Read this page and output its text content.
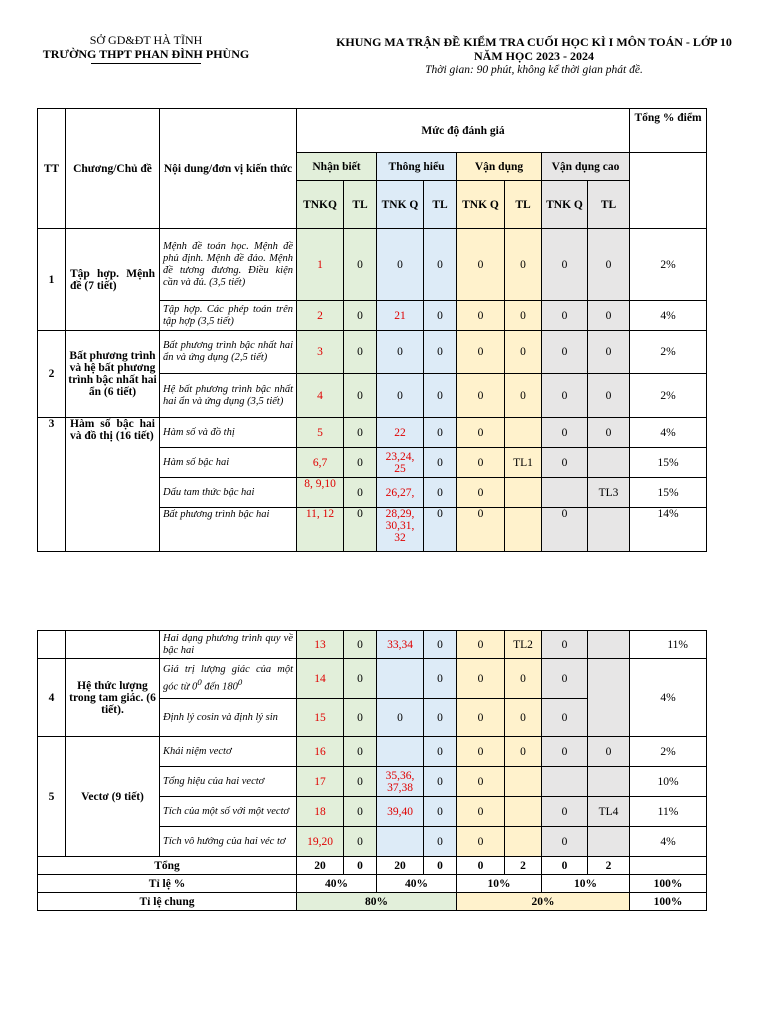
SỞ GD&ĐT HÀ TĨNH
TRƯỜNG THPT PHAN ĐÌNH PHÙNG
KHUNG MA TRẬN ĐỀ KIỂM TRA CUỐI HỌC KÌ I MÔN TOÁN - LỚP 10
NĂM HỌC 2023 - 2024
Thời gian: 90 phút, không kể thời gian phát đề.
TT	Chương/Chủ đề	Nội dung/đơn vị kiến thức	Mức độ đánh giá								Tổng % điểm
			Nhận biết		Thông hiểu		Vận dụng		Vận dụng cao		
			TNKQ	TL	TNK Q	TL	TNK Q	TL	TNK Q	TL	
1	Tập hợp. Mệnh đề (7 tiết)	Mệnh đề toán học. Mệnh đề phủ định. Mệnh đề đảo. Mệnh đề tương đương. Điều kiện cần và đủ. (3,5 tiết)	1	0	0	0	0	0	0	0	2%
		Tập hợp. Các phép toán trên tập hợp (3,5 tiết)	2	0	21	0	0	0	0	0	4%
2	Bất phương trình và hệ bất phương trình bậc nhất hai ẩn (6 tiết)	Bất phương trình bậc nhất hai ẩn và ứng dụng (2,5 tiết)	3	0	0	0	0	0	0	0	2%
		Hệ bất phương trình bậc nhất hai ẩn và ứng dụng (3,5 tiết)	4	0	0	0	0	0	0	0	2%
3	Hàm số bậc hai và đồ thị (16 tiết)	Hàm số và đồ thị	5	0	22	0	0		0	0	4%
		Hàm số bậc hai	6,7	0	23,24, 25	0	0	TL1	0		15%
		Dấu tam thức bậc hai	8, 9,10	0	26,27,	0	0			TL3	15%
		Bất phương trình bậc hai	11, 12	0	28,29, 30,31, 32	0	0		0		14%
		Hai dạng phương trình quy về bậc hai	13	0	33,34	0	0	TL2	0		11%
4	Hệ thức lượng trong tam giác. (6 tiết).	Giá trị lượng giác của một góc từ $0^0$ đến $180^0$	14	0		0	0	0	0		4%
		Định lý cosin và định lý sin	15	0	0	0	0	0	0		
5	Vectơ (9 tiết)	Khái niệm vectơ	16	0		0	0	0	0	0	2%
		Tổng hiệu của hai vectơ	17	0	35,36, 37,38	0	0				10%
		Tích của một số với một vectơ	18	0	39,40	0	0		0	TL4	11%
		Tích vô hướng của hai véc tơ	19,20	0		0	0		0		4%
Tổng			20	0	20	0	0	2	0	2	
Tỉ lệ %			40%		40%		10%		10%		100%
Tỉ lệ chung			80%				20%				100%
